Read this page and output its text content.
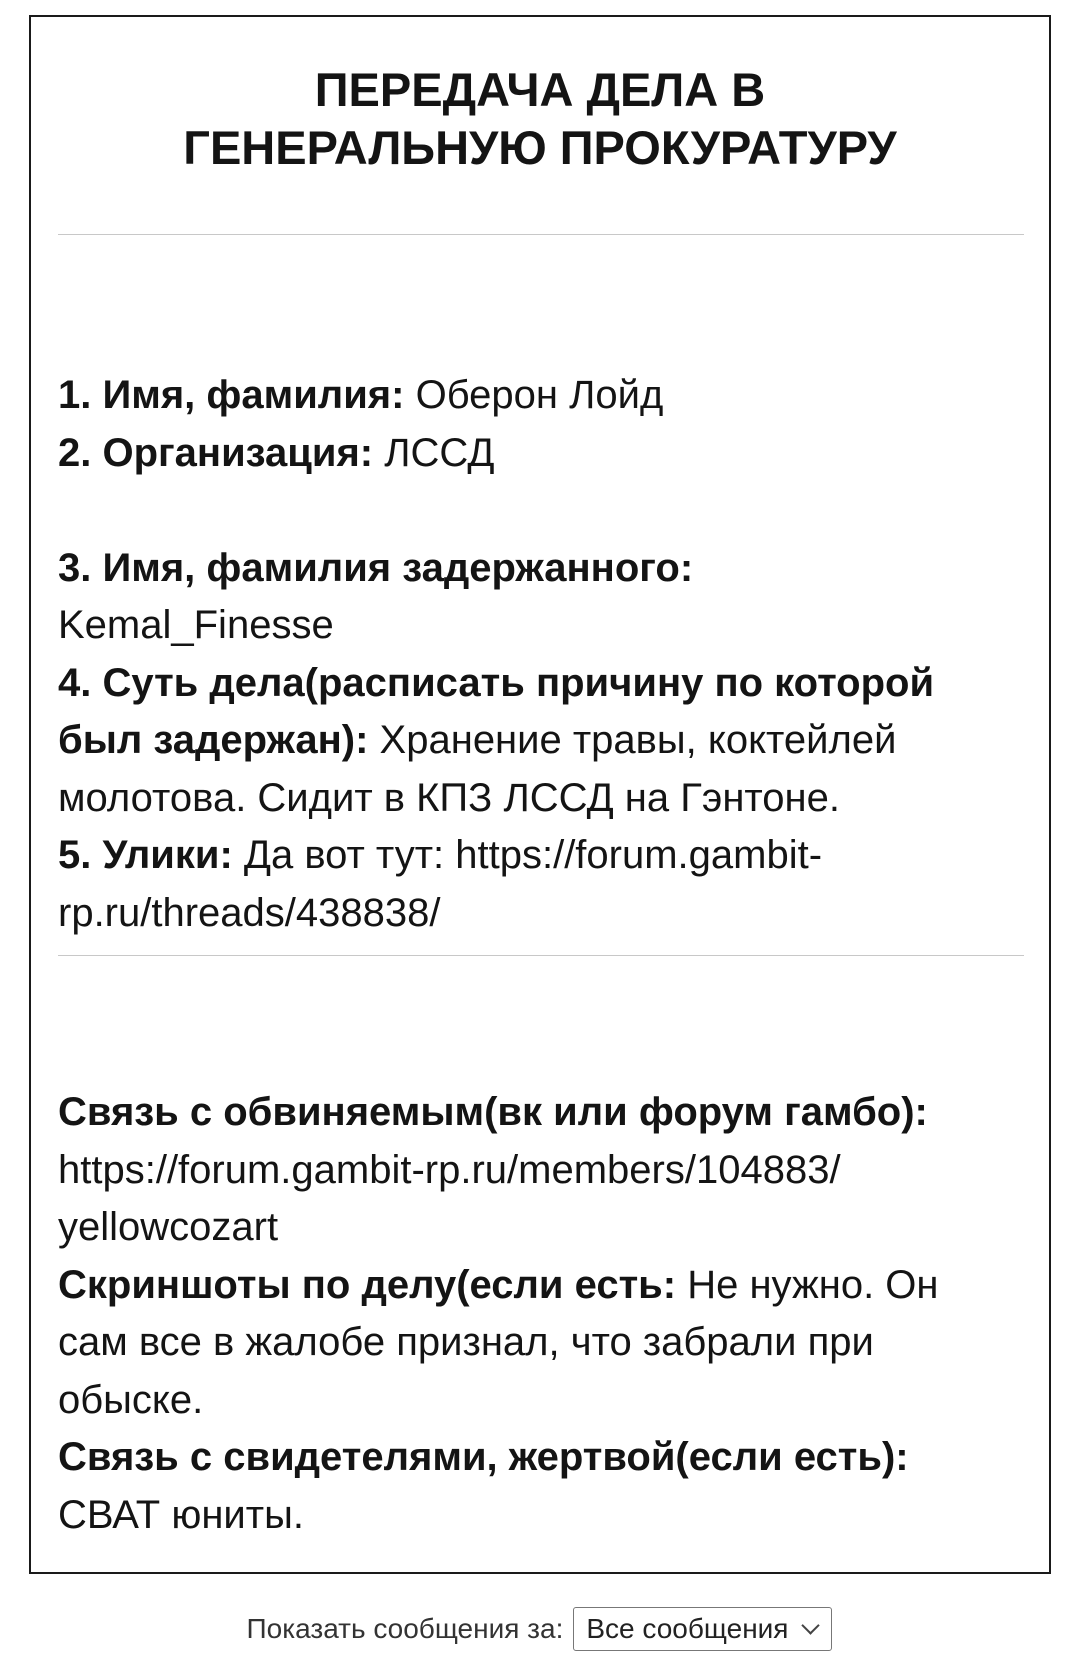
ПЕРЕДАЧА ДЕЛА В
ГЕНЕРАЛЬНУЮ ПРОКУРАТУРУ
1. Имя, фамилия: Оберон Лойд
2. Организация: ЛССД
3. Имя, фамилия задержанного:
Kemal_Finesse
4. Суть дела(расписать причину по которой
был задержан): Хранение травы, коктейлей
молотова. Сидит в КПЗ ЛССД на Гэнтоне.
5. Улики: Да вот тут: https://forum.gambit-
rp.ru/threads/438838/
Связь с обвиняемым(вк или форум гамбо):
https://forum.gambit-rp.ru/members/104883/
yellowcozart
Скриншоты по делу(если есть: Не нужно. Он
сам все в жалобе признал, что забрали при
обыске.
Связь с свидетелями, жертвой(если есть):
СВАТ юниты.
Показать сообщения за: Все сообщения
